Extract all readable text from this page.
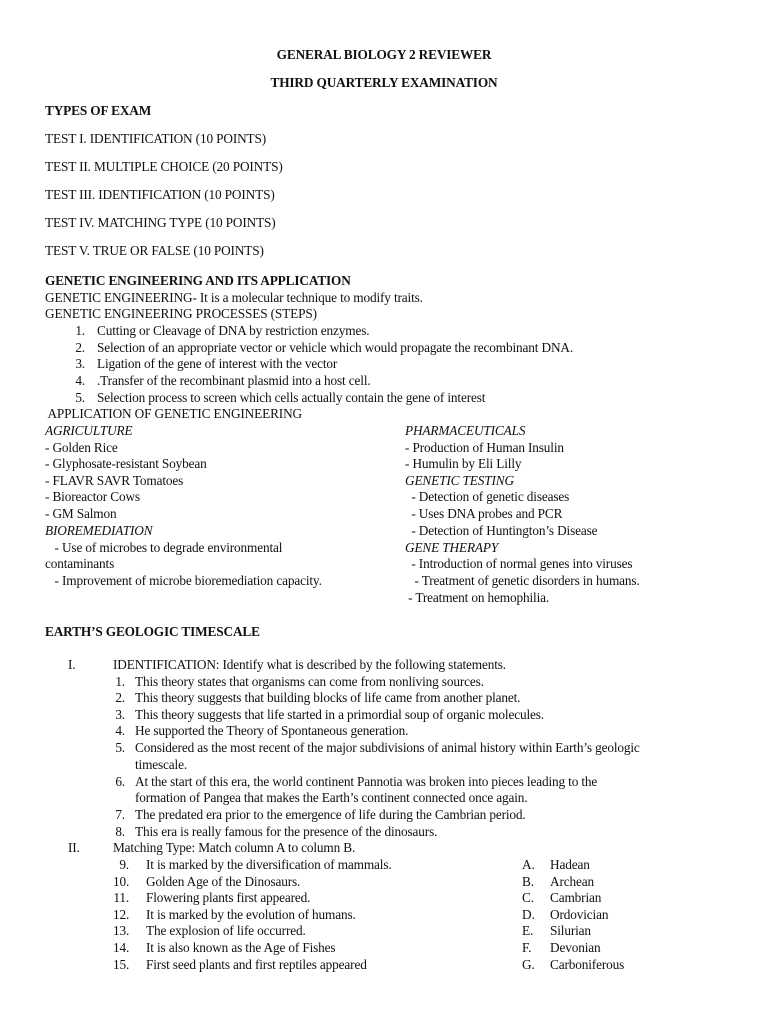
GENERAL BIOLOGY 2 REVIEWER
THIRD QUARTERLY EXAMINATION
TYPES OF EXAM
TEST I. IDENTIFICATION (10 POINTS)
TEST II. MULTIPLE CHOICE (20 POINTS)
TEST III. IDENTIFICATION (10 POINTS)
TEST IV. MATCHING TYPE (10 POINTS)
TEST V. TRUE OR FALSE (10 POINTS)
GENETIC ENGINEERING AND ITS APPLICATION
GENETIC ENGINEERING- It is a molecular technique to modify traits.
GENETIC ENGINEERING PROCESSES (STEPS)
1. Cutting or Cleavage of DNA by restriction enzymes.
2. Selection of an appropriate vector or vehicle which would propagate the recombinant DNA.
3. Ligation of the gene of interest with the vector
4. .Transfer of the recombinant plasmid into a host cell.
5. Selection process to screen which cells actually contain the gene of interest
APPLICATION OF GENETIC ENGINEERING
AGRICULTURE
- Golden Rice
- Glyphosate-resistant Soybean
- FLAVR SAVR Tomatoes
- Bioreactor Cows
- GM Salmon
BIOREMEDIATION
- Use of microbes to degrade environmental
contaminants
- Improvement of microbe bioremediation capacity.
PHARMACEUTICALS
- Production of Human Insulin
- Humulin by Eli Lilly
GENETIC TESTING
- Detection of genetic diseases
- Uses DNA probes and PCR
- Detection of Huntington’s Disease
GENE THERAPY
- Introduction of normal genes into viruses
- Treatment of genetic disorders in humans.
- Treatment on hemophilia.
EARTH’S GEOLOGIC TIMESCALE
I.	IDENTIFICATION: Identify what is described by the following statements.
1. This theory states that organisms can come from nonliving sources.
2. This theory suggests that building blocks of life came from another planet.
3. This theory suggests that life started in a primordial soup of organic molecules.
4. He supported the Theory of Spontaneous generation.
5. Considered as the most recent of the major subdivisions of animal history within Earth’s geologic
timescale.
6. At the start of this era, the world continent Pannotia was broken into pieces leading to the
formation of Pangea that makes the Earth’s continent connected once again.
7. The predated era prior to the emergence of life during the Cambrian period.
8. This era is really famous for the presence of the dinosaurs.
II.	Matching Type: Match column A to column B.
9. It is marked by the diversification of mammals.
10. Golden Age of the Dinosaurs.
11. Flowering plants first appeared.
12. It is marked by the evolution of humans.
13. The explosion of life occurred.
14. It is also known as the Age of Fishes
15. First seed plants and first reptiles appeared
A. Hadean
B. Archean
C. Cambrian
D. Ordovician
E. Silurian
F. Devonian
G. Carboniferous
